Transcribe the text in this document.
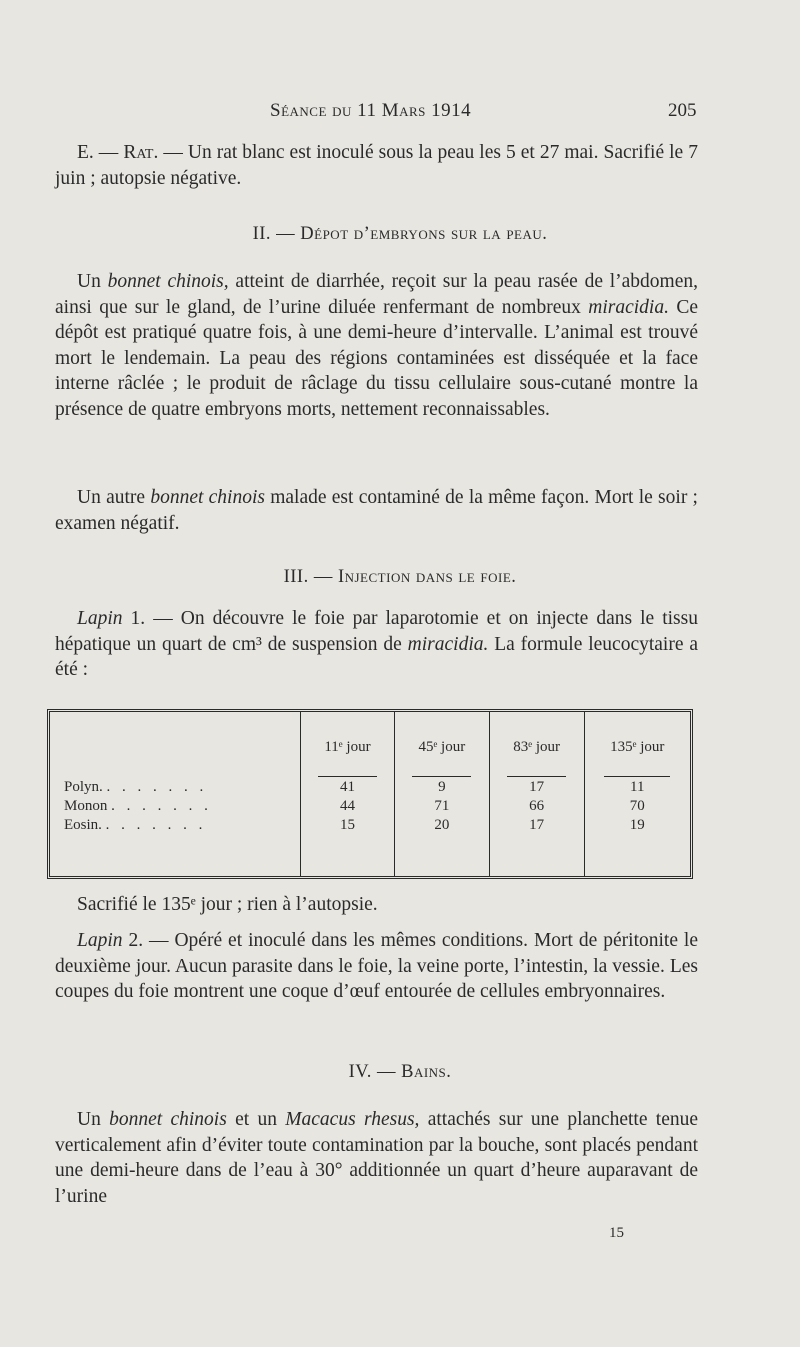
Séance du 11 Mars 1914	205

E. — Rat. — Un rat blanc est inoculé sous la peau les 5 et 27 mai. Sacrifié le 7 juin ; autopsie négative.

II. — Dépot d’embryons sur la peau.

Un bonnet chinois, atteint de diarrhée, reçoit sur la peau rasée de l’abdomen, ainsi que sur le gland, de l’urine diluée renfermant de nombreux miracidia. Ce dépôt est pratiqué quatre fois, à une demi-heure d’intervalle. L’animal est trouvé mort le lendemain. La peau des régions contaminées est disséquée et la face interne râclée ; le produit de râclage du tissu cellulaire sous-cutané montre la présence de quatre embryons morts, nettement reconnaissables.

Un autre bonnet chinois malade est contaminé de la même façon. Mort le soir ; examen négatif.

III. — Injection dans le foie.

Lapin 1. — On découvre le foie par laparotomie et on injecte dans le tissu hépatique un quart de cm³ de suspension de miracidia. La formule leucocytaire a été :

	11ᵉ jour	45ᵉ jour	83ᵉ jour	135ᵉ jour
Polyn. . . . . . . .	41	9	17	11
Monon . . . . . . .	44	71	66	70
Eosin. . . . . . . .	15	20	17	19

Sacrifié le 135ᵉ jour ; rien à l’autopsie.

Lapin 2. — Opéré et inoculé dans les mêmes conditions. Mort de péritonite le deuxième jour. Aucun parasite dans le foie, la veine porte, l’intestin, la vessie. Les coupes du foie montrent une coque d’œuf entourée de cellules embryonnaires.

IV. — Bains.

Un bonnet chinois et un Macacus rhesus, attachés sur une planchette tenue verticalement afin d’éviter toute contamination par la bouche, sont placés pendant une demi-heure dans de l’eau à 30° additionnée un quart d’heure auparavant de l’urine

15
